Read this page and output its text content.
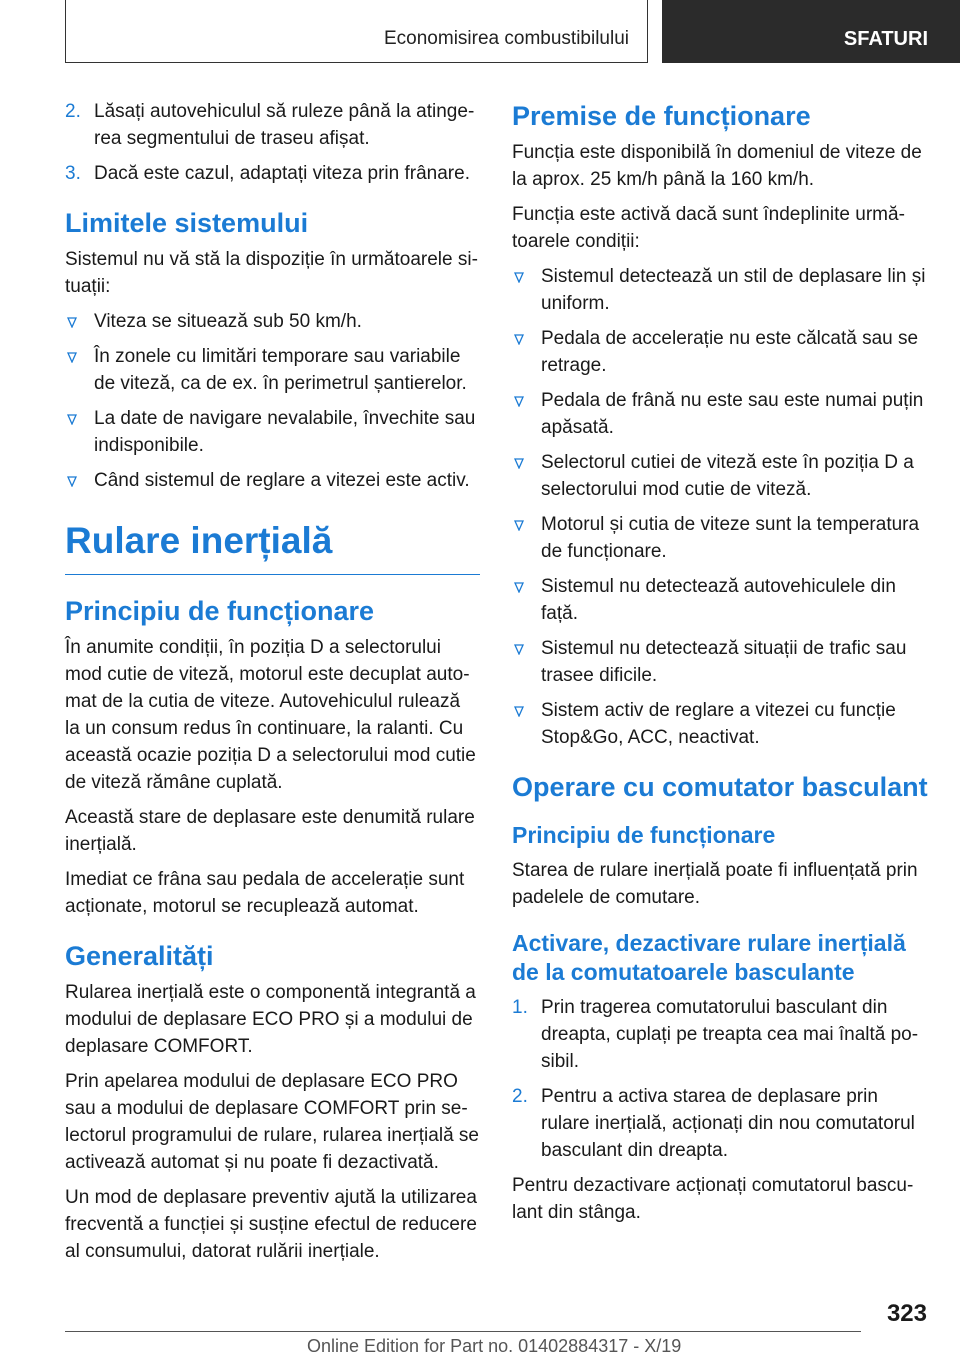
Economisirea combustibilului	SFATURI
2. Lăsați autovehiculul să ruleze până la atingerea segmentului de traseu afișat.
3. Dacă este cazul, adaptați viteza prin frânare.
Limitele sistemului

Sistemul nu vă stă la dispoziție în următoarele situații:

Viteza se situează sub 50 km/h.
În zonele cu limitări temporare sau variabile de viteză, ca de ex. în perimetrul șantierelor.
La date de navigare nevalabile, învechite sau indisponibile.
Când sistemul de reglare a vitezei este activ.
Rulare inerțială
Principiu de funcționare

În anumite condiții, în poziția D a selectorului mod cutie de viteză, motorul este decuplat automat de la cutia de viteze. Autovehiculul rulează la un consum redus în continuare, la ralanti. Cu această ocazie poziția D a selectorului mod cutie de viteză rămâne cuplată.

Această stare de deplasare este denumită rulare inerțială.

Imediat ce frâna sau pedala de accelerație sunt acționate, motorul se recuplează automat.

Generalități

Rularea inerțială este o componentă integrantă a modului de deplasare ECO PRO și a modului de deplasare COMFORT.

Prin apelarea modului de deplasare ECO PRO sau a modului de deplasare COMFORT prin selectorul programului de rulare, rularea inerțială se activează automat și nu poate fi dezactivată.

Un mod de deplasare preventiv ajută la utilizarea frecventă a funcției și susține efectul de reducere al consumului, datorat rulării inerțiale.

Premise de funcționare

Funcția este disponibilă în domeniul de viteze de la aprox. 25 km/h până la 160 km/h.

Funcția este activă dacă sunt îndeplinite următoarele condiții:

Sistemul detectează un stil de deplasare lin și uniform.
Pedala de accelerație nu este călcată sau se retrage.
Pedala de frână nu este sau este numai puțin apăsată.
Selectorul cutiei de viteză este în poziția D a selectorului mod cutie de viteză.
Motorul și cutia de viteze sunt la temperatura de funcționare.
Sistemul nu detectează autovehiculele din față.
Sistemul nu detectează situații de trafic sau trasee dificile.
Sistem activ de reglare a vitezei cu funcție Stop&Go, ACC, neactivat.
Operare cu comutator basculant
Principiu de funcționare

Starea de rulare inerțială poate fi influențată prin padelele de comutare.

Activare, dezactivare rulare inerțială de la comutatoarele basculante
1. Prin tragerea comutatorului basculant din dreapta, cuplați pe treapta cea mai înaltă posibil.
2. Pentru a activa starea de deplasare prin rulare inerțială, acționați din nou comutatorul basculant din dreapta.

Pentru dezactivare acționați comutatorul basculant din stânga.

323
Online Edition for Part no. 01402884317 - X/19
